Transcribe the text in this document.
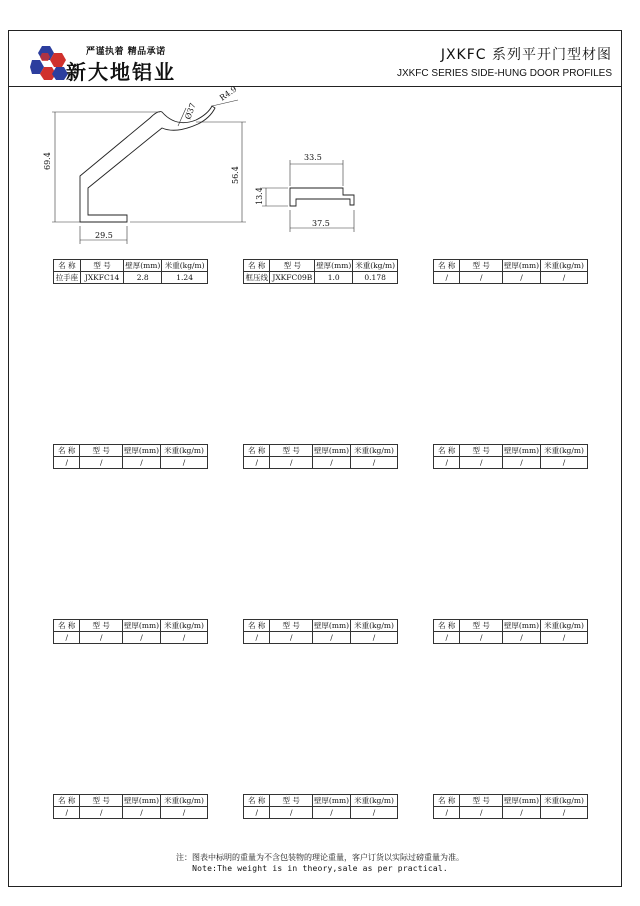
严谨执着 精品承诺
新大地铝业
JXKFC 系列平开门型材图
JXKFC SERIES SIDE-HUNG DOOR PROFILES
69.4
29.5
56.4
R4.9
Ø37
33.5
13.4
37.5
名 称	型 号	壁厚(mm)	米重(kg/m)
拉手座	JXKFC14	2.8	1.24
名 称	型 号	壁厚(mm)	米重(kg/m)
框压线	JXKFC09B	1.0	0.178
名 称	型 号	壁厚(mm)	米重(kg/m)
/	/	/	/
名 称	型 号	壁厚(mm)	米重(kg/m)
/	/	/	/
名 称	型 号	壁厚(mm)	米重(kg/m)
/	/	/	/
名 称	型 号	壁厚(mm)	米重(kg/m)
/	/	/	/
名 称	型 号	壁厚(mm)	米重(kg/m)
/	/	/	/
名 称	型 号	壁厚(mm)	米重(kg/m)
/	/	/	/
名 称	型 号	壁厚(mm)	米重(kg/m)
/	/	/	/
名 称	型 号	壁厚(mm)	米重(kg/m)
/	/	/	/
名 称	型 号	壁厚(mm)	米重(kg/m)
/	/	/	/
名 称	型 号	壁厚(mm)	米重(kg/m)
/	/	/	/
注：图表中标明的重量为不含包装物的理论重量，客户订货以实际过磅重量为准。
Note:The weight is in theory,sale as per practical.
